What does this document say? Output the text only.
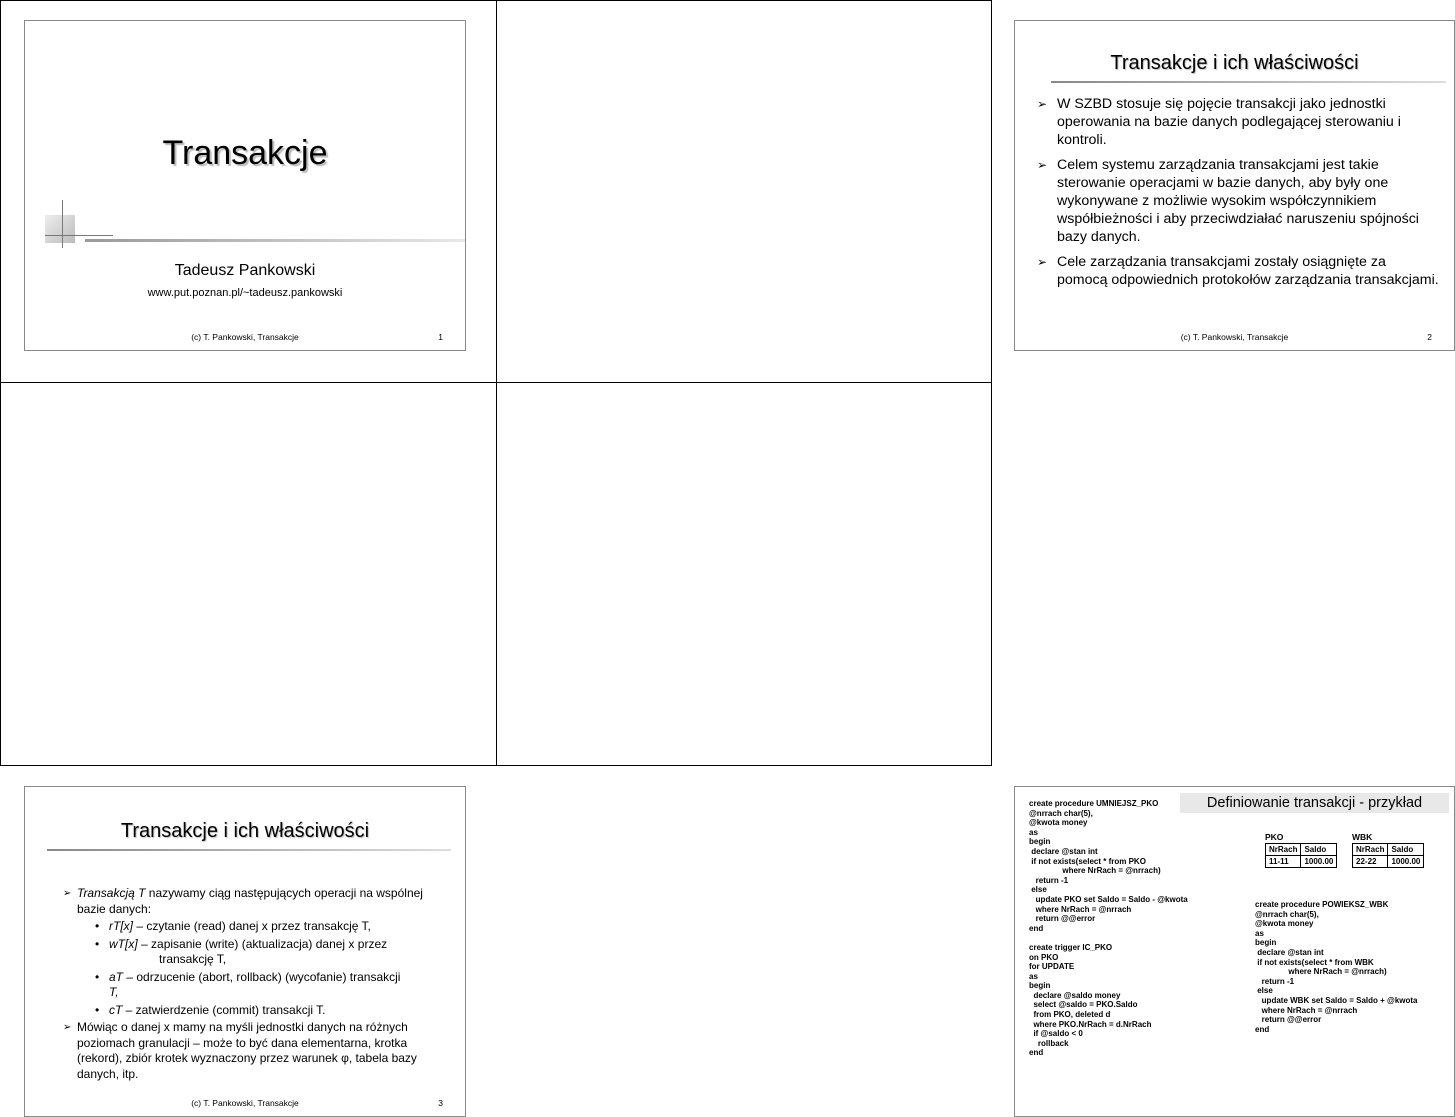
Transakcje
Tadeusz Pankowski
www.put.poznan.pl/~tadeusz.pankowski
(c) T. Pankowski, Transakcje	1
Transakcje i ich właściwości
➢ W SZBD stosuje się pojęcie transakcji jako jednostki operowania na bazie danych podlegającej sterowaniu i kontroli.
➢ Celem systemu zarządzania transakcjami jest takie sterowanie operacjami w bazie danych, aby były one wykonywane z możliwie wysokim współczynnikiem współbieżności i aby przeciwdziałać naruszeniu spójności bazy danych.
➢ Cele zarządzania transakcjami zostały osiągnięte za pomocą odpowiednich protokołów zarządzania transakcjami.
(c) T. Pankowski, Transakcje	2
Transakcje i ich właściwości
➢ Transakcją T nazywamy ciąg następujących operacji na wspólnej bazie danych:
• rT[x] – czytanie (read) danej x przez transakcję T,
• wT[x] – zapisanie (write) (aktualizacja) danej x przez
transakcję T,
• aT – odrzucenie (abort, rollback) (wycofanie) transakcji
T,
• cT – zatwierdzenie (commit) transakcji T.
➢ Mówiąc o danej x mamy na myśli jednostki danych na różnych poziomach granulacji – może to być dana elementarna, krotka (rekord), zbiór krotek wyznaczony przez warunek φ, tabela bazy danych, itp.
(c) T. Pankowski, Transakcje	3
Definiowanie transakcji - przykład
create procedure UMNIEJSZ_PKO
@nrrach char(5),
@kwota money
as
begin
declare @stan int
if not exists(select * from PKO
where NrRach = @nrrach)
return -1
else
update PKO set Saldo = Saldo - @kwota
where NrRach = @nrrach
return @@error
end

create trigger IC_PKO
on PKO
for UPDATE
as
begin
declare @saldo money
select @saldo = PKO.Saldo
from PKO, deleted d
where PKO.NrRach = d.NrRach
if @saldo < 0
rollback
end
PKO
NrRach	Saldo
11-11	1000.00
WBK
NrRach	Saldo
22-22	1000.00
create procedure POWIEKSZ_WBK
@nrrach char(5),
@kwota money
as
begin
declare @stan int
if not exists(select * from WBK
where NrRach = @nrrach)
return -1
else
update WBK set Saldo = Saldo + @kwota
where NrRach = @nrrach
return @@error
end
